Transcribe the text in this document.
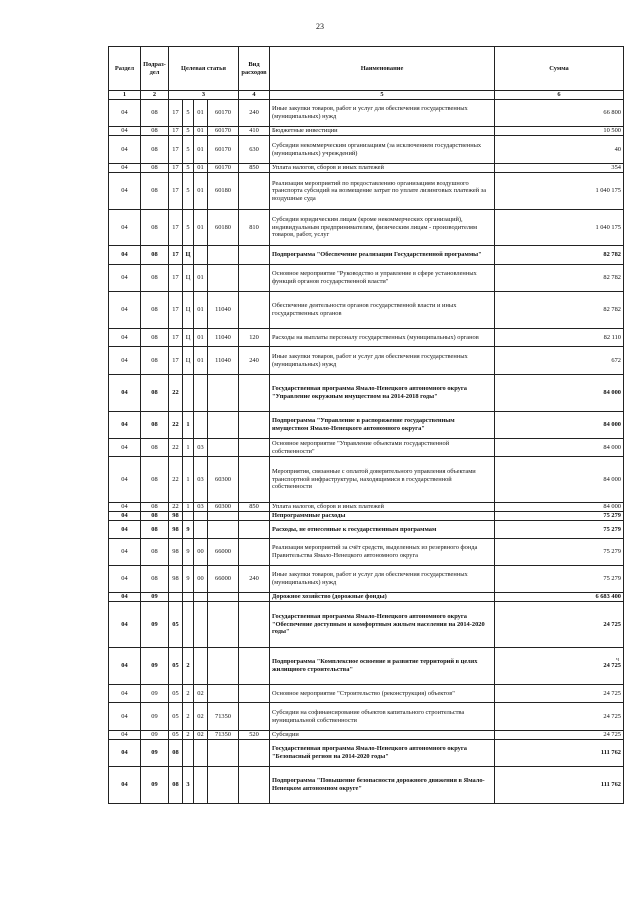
23
Раздел	Подраз-
дел	Целевая статья				Вид
расходов	Наименование	Сумма
1	2	3				4	5	6
04	08	17	5	01	60170	240	Иные закупки товаров, работ и услуг для обеспечения государственных (муниципальных) нужд	66 800
04	08	17	5	01	60170	410	Бюджетные инвестиции	10 500
04	08	17	5	01	60170	630	Субсидии некоммерческим организациям (за исключением государственных (муниципальных) учреждений)	40
04	08	17	5	01	60170	850	Уплата налогов, сборов и иных платежей	354
04	08	17	5	01	60180		Реализация мероприятий по предоставлению организациям воздушного транспорта субсидий на возмещение затрат по уплате лизинговых платежей за воздушные суда	1 040 175
04	08	17	5	01	60180	810	Субсидии юридическим лицам (кроме некоммерческих организаций), индивидуальным предпринимателям, физическим лицам - производителям товаров, работ, услуг	1 040 175
04	08	17	Ц				Подпрограмма "Обеспечение реализации Государственной программы"	82 782
04	08	17	Ц	01			Основное мероприятие "Руководство и управление в сфере установленных функций органов государственной власти"	82 782
04	08	17	Ц	01	11040		Обеспечение деятельности органов государственной власти и иных государственных органов	82 782
04	08	17	Ц	01	11040	120	Расходы на выплаты персоналу государственных (муниципальных) органов	82 110
04	08	17	Ц	01	11040	240	Иные закупки товаров, работ и услуг для обеспечения государственных (муниципальных) нужд	672
04	08	22					Государственная программа Ямало-Ненецкого автономного округа "Управление окружным имуществом на 2014-2018 годы"	84 000
04	08	22	1				Подпрограмма "Управление в распоряжение государственным имуществом Ямало-Ненецкого автономного округа"	84 000
04	08	22	1	03			Основное мероприятие "Управление объектами государственной собственности"	84 000
04	08	22	1	03	60300		Мероприятия, связанные с оплатой доверительного управления объектами транспортной инфраструктуры, находящимися в государственной собственности	84 000
04	08	22	1	03	60300	850	Уплата налогов, сборов и иных платежей	84 000
04	08	98					Непрограммные расходы	75 279
04	08	98	9				Расходы, не отнесенные к государственным программам	75 279
04	08	98	9	00	66000		Реализация мероприятий за счёт средств, выделенных из резервного фонда Правительства Ямало-Ненецкого автономного округа	75 279
04	08	98	9	00	66000	240	Иные закупки товаров, работ и услуг для обеспечения государственных (муниципальных) нужд	75 279
04	09						Дорожное хозяйство (дорожные фонды)	6 683 400
04	09	05					Государственная программа Ямало-Ненецкого автономного округа "Обеспечение доступным и комфортным жильем населения на 2014-2020 годы"	24 725
04	09	05	2				Подпрограмма "Комплексное освоение и развитие территорий в целях жилищного строительства"	24 725
04	09	05	2	02			Основное мероприятие "Строительство (реконструкция) объектов"	24 725
04	09	05	2	02	71350		Субсидии на софинансирование объектов капитального строительства муниципальной собственности	24 725
04	09	05	2	02	71350	520	Субсидии	24 725
04	09	08					Государственная программа Ямало-Ненецкого автономного округа "Безопасный регион на 2014-2020 годы"	111 762
04	09	08	3				Подпрограмма "Повышение безопасности дорожного движения в Ямало-Ненецком автономном округе"	111 762
ч
